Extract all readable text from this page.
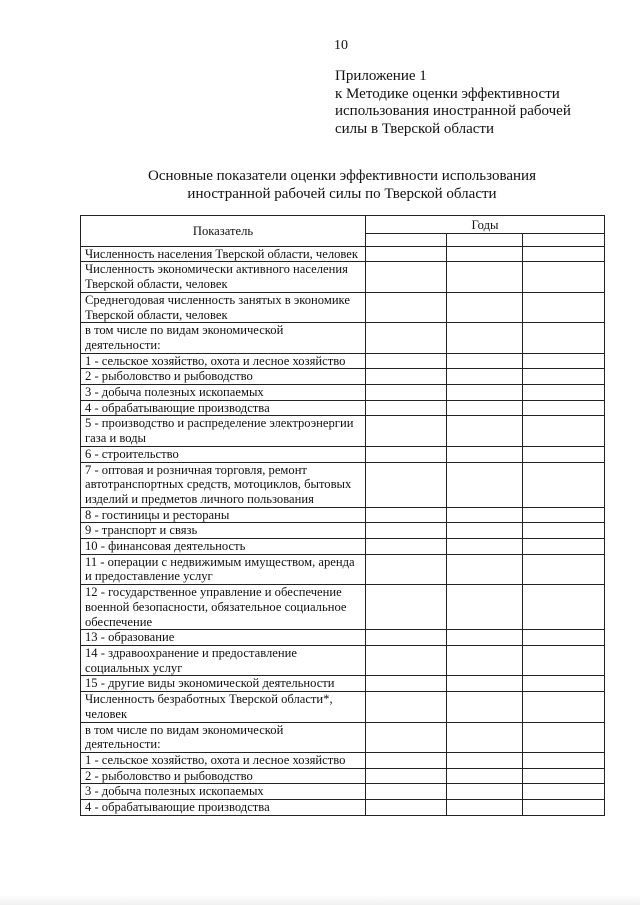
10
Приложение 1
к Методике оценки эффективности
использования иностранной рабочей
силы в Тверской области
Основные показатели оценки эффективности использования
иностранной рабочей силы по Тверской области
Показатель	Годы		

Численность населения Тверской области, человек			
Численность экономически активного населения Тверской области, человек			
Среднегодовая численность занятых в экономике Тверской области, человек			
в том числе по видам экономической деятельности:			
1 - сельское хозяйство, охота и лесное хозяйство			
2 - рыболовство и рыбоводство			
3 - добыча полезных ископаемых			
4 - обрабатывающие производства			
5 - производство и распределение электроэнергии газа и воды			
6 - строительство			
7 - оптовая и розничная торговля, ремонт автотранспортных средств, мотоциклов, бытовых изделий и предметов личного пользования			
8 - гостиницы и рестораны			
9 - транспорт и связь			
10 - финансовая деятельность			
11 - операции с недвижимым имуществом, аренда и предоставление услуг			
12 - государственное управление и обеспечение военной безопасности, обязательное социальное обеспечение			
13 - образование			
14 - здравоохранение и предоставление социальных услуг			
15 - другие виды экономической деятельности			
Численность безработных Тверской области*, человек			
в том числе по видам экономической деятельности:			
1 - сельское хозяйство, охота и лесное хозяйство			
2 - рыболовство и рыбоводство			
3 - добыча полезных ископаемых			
4 - обрабатывающие производства			
